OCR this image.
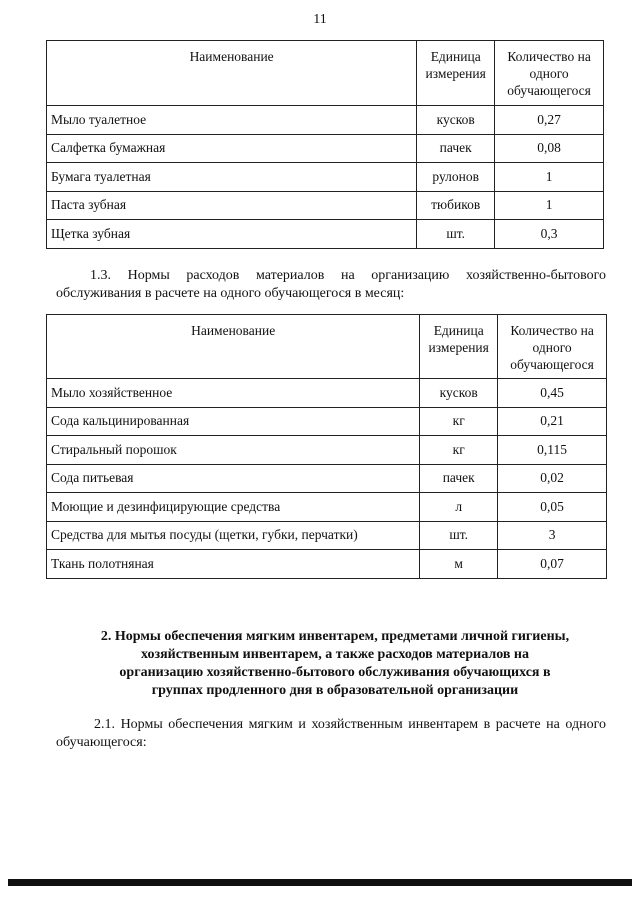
11
Наименование	Единица измерения	Количество на одного обучающегося
Мыло туалетное	кусков	0,27
Салфетка бумажная	пачек	0,08
Бумага туалетная	рулонов	1
Паста зубная	тюбиков	1
Щетка зубная	шт.	0,3
1.3. Нормы расходов материалов на организацию хозяйственно-бытового обслуживания в расчете на одного обучающегося в месяц:
Наименование	Единица измерения	Количество на одного обучающегося
Мыло хозяйственное	кусков	0,45
Сода кальцинированная	кг	0,21
Стиральный порошок	кг	0,115
Сода питьевая	пачек	0,02
Моющие и дезинфицирующие средства	л	0,05
Средства для мытья посуды (щетки, губки, перчатки)	шт.	3
Ткань полотняная	м	0,07
2. Нормы обеспечения мягким инвентарем, предметами личной гигиены, хозяйственным инвентарем, а также расходов материалов на организацию хозяйственно-бытового обслуживания обучающихся в группах продленного дня в образовательной организации
2.1. Нормы обеспечения мягким и хозяйственным инвентарем в расчете на одного обучающегося:
